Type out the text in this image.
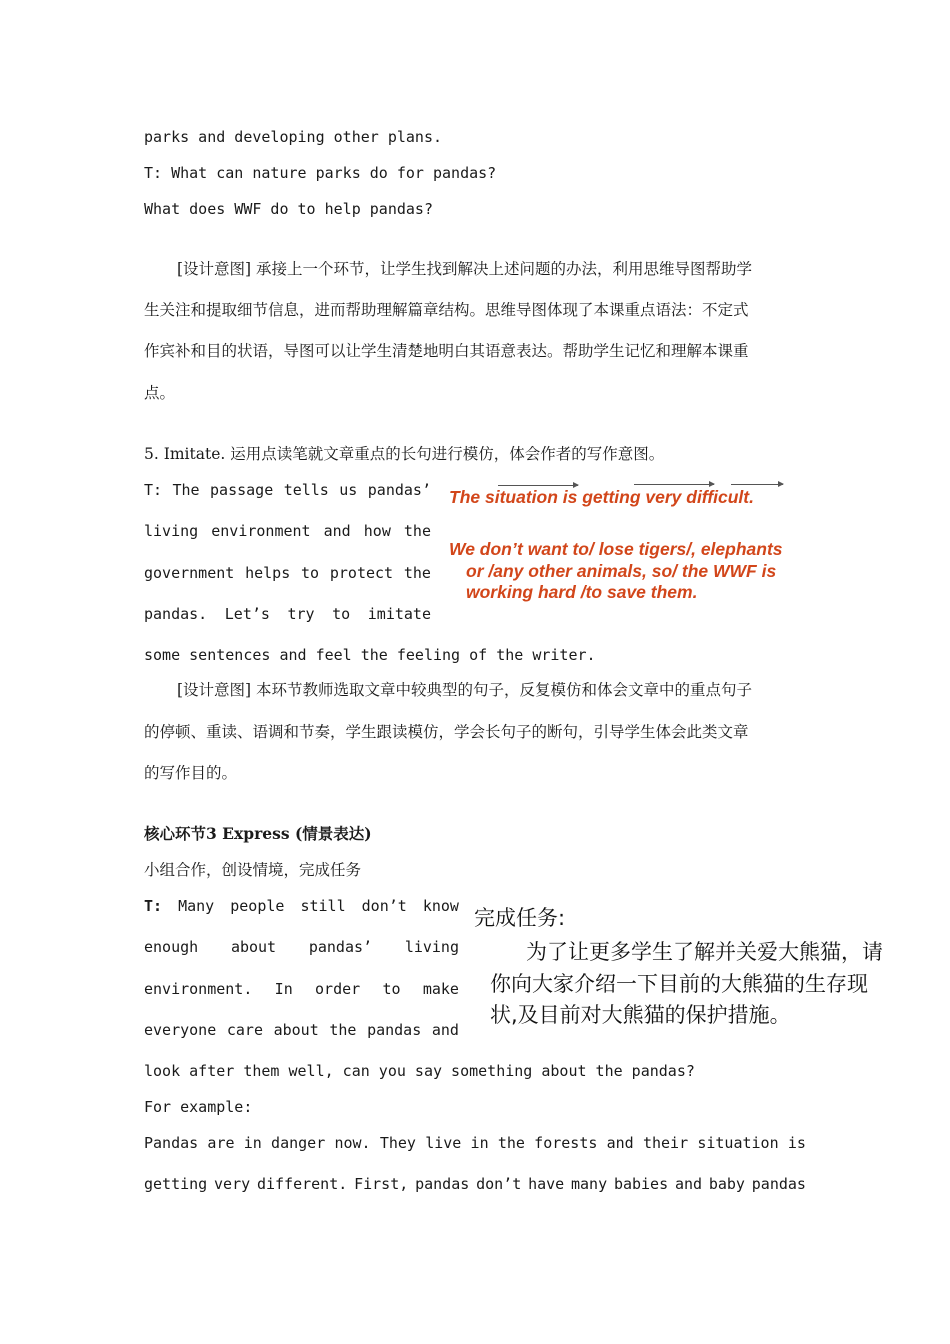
parks and developing other plans.
T: What can nature parks do for pandas?
What does WWF do to help pandas?
[设计意图] 承接上一个环节，让学生找到解决上述问题的办法，利用思维导图帮助学
生关注和提取细节信息，进而帮助理解篇章结构。思维导图体现了本课重点语法：不定式
作宾补和目的状语，导图可以让学生清楚地明白其语意表达。帮助学生记忆和理解本课重
点。
5. Imitate. 运用点读笔就文章重点的长句进行模仿，体会作者的写作意图。
T: The passage tells us pandas’
living environment and how the
government helps to protect the
pandas. Let’s try to imitate
some sentences and feel the feeling of the writer.
The situation is getting very difficult.
We don’t want to/ lose tigers/, elephants
or /any other animals, so/ the WWF is
working hard /to save them.
[设计意图] 本环节教师选取文章中较典型的句子，反复模仿和体会文章中的重点句子
的停顿、重读、语调和节奏，学生跟读模仿，学会长句子的断句，引导学生体会此类文章
的写作目的。
核心环节3 Express (情景表达)
小组合作，创设情境，完成任务
T: Many people still don’t know
enough about pandas’ living
environment. In order to make
everyone care about the pandas and
look after them well, can you say something about the pandas?
完成任务:
为了让更多学生了解并关爱大熊猫，请
你向大家介绍一下目前的大熊猫的生存现
状,及目前对大熊猫的保护措施。
For example:
Pandas are in danger now. They live in the forests and their situation is
getting very different. First, pandas don’t have many babies and baby pandas
